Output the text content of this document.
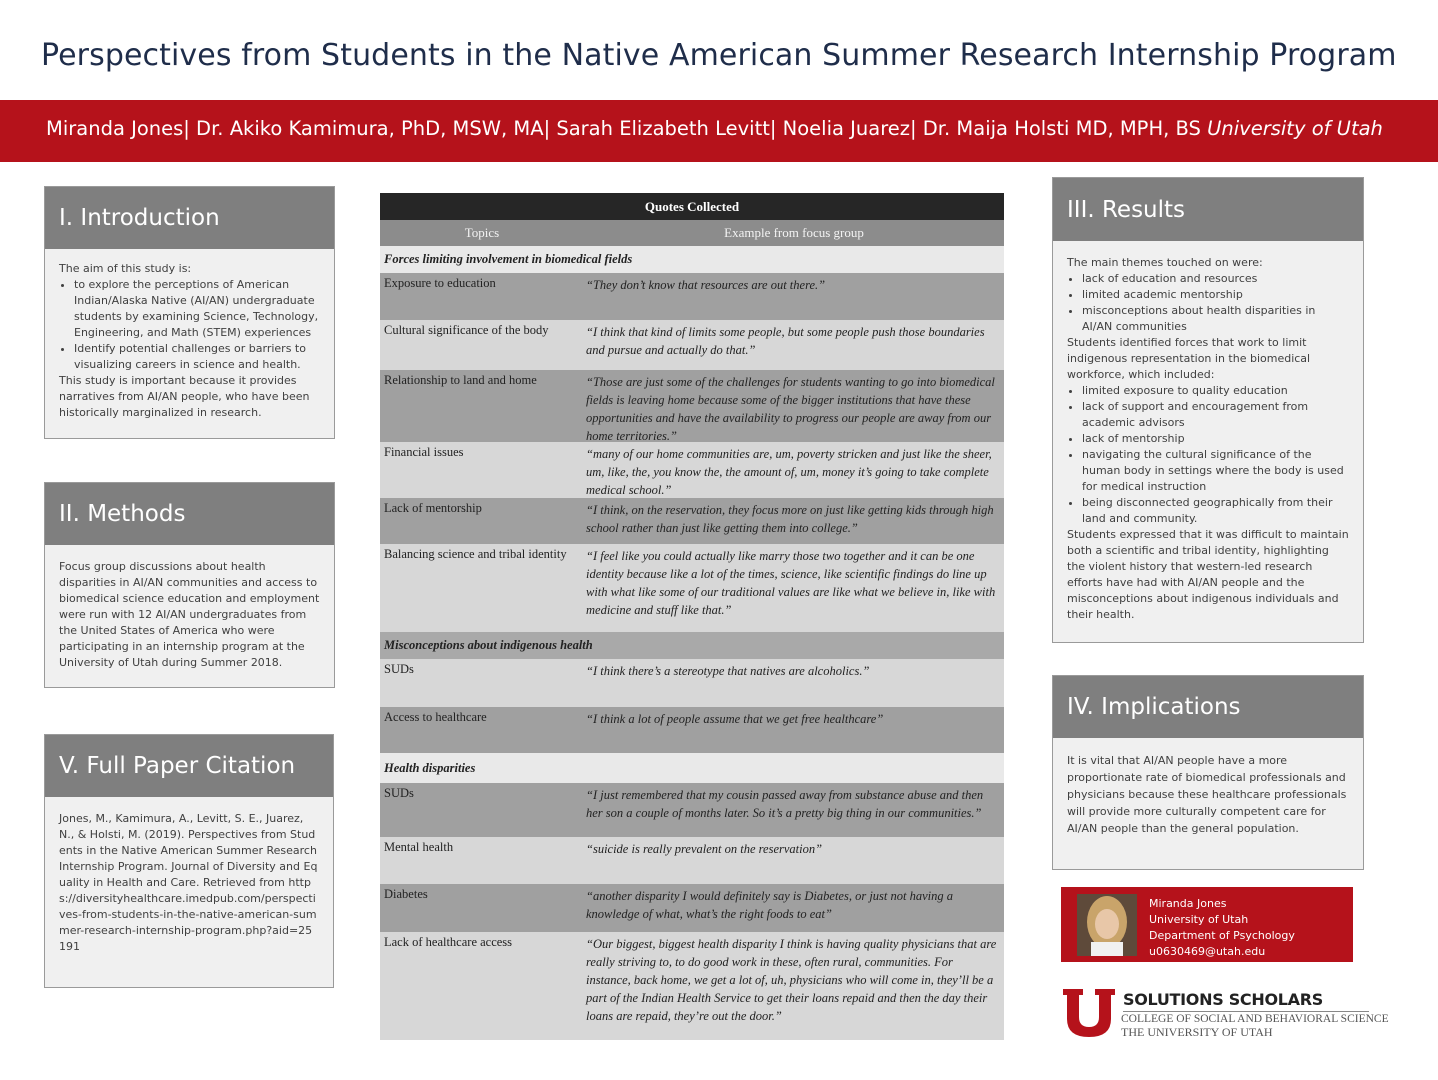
Perspectives from Students in the Native American Summer Research Internship Program
Miranda Jones| Dr. Akiko Kamimura, PhD, MSW, MA| Sarah Elizabeth Levitt| Noelia Juarez| Dr. Maija Holsti MD, MPH, BS University of Utah
I. Introduction

The aim of this study is:

• to explore the perceptions of American Indian/Alaska Native (AI/AN) undergraduate students by examining Science, Technology, Engineering, and Math (STEM) experiences
• Identify potential challenges or barriers to visualizing careers in science and health.

This study is important because it provides narratives from AI/AN people, who have been historically marginalized in research.

II. Methods
Focus group discussions about health disparities in AI/AN communities and access to biomedical science education and employment were run with 12 AI/AN undergraduates from the United States of America who were participating in an internship program at the University of Utah during Summer 2018.
V. Full Paper Citation
Jones, M., Kamimura, A., Levitt, S. E., Juarez, N., & Holsti, M. (2019). Perspectives from Students in the Native American Summer Research Internship Program. Journal of Diversity and Equality in Health and Care. Retrieved from https://diversityhealthcare.imedpub.com/perspectives-from-students-in-the-native-american-summer-research-internship-program.php?aid=25191
Quotes Collected
Topics	Example from focus group
Forces limiting involvement in biomedical fields
Exposure to education	“They don’t know that resources are out there.”
Cultural significance of the body	“I think that kind of limits some people, but some people push those boundaries and pursue and actually do that.”
Relationship to land and home	“Those are just some of the challenges for students wanting to go into biomedical fields is leaving home because some of the bigger institutions that have these opportunities and have the availability to progress our people are away from our home territories.”
Financial issues	“many of our home communities are, um, poverty stricken and just like the sheer, um, like, the, you know the, the amount of, um, money it’s going to take complete medical school.”
Lack of mentorship	“I think, on the reservation, they focus more on just like getting kids through high school rather than just like getting them into college.”
Balancing science and tribal identity	“I feel like you could actually like marry those two together and it can be one identity because like a lot of the times, science, like scientific findings do line up with what like some of our traditional values are like what we believe in, like with medicine and stuff like that.”
Misconceptions about indigenous health
SUDs	“I think there’s a stereotype that natives are alcoholics.”
Access to healthcare	“I think a lot of people assume that we get free healthcare”
Health disparities
SUDs	“I just remembered that my cousin passed away from substance abuse and then her son a couple of months later. So it’s a pretty big thing in our communities.”
Mental health	“suicide is really prevalent on the reservation”
Diabetes	“another disparity I would definitely say is Diabetes, or just not having a knowledge of what, what’s the right foods to eat”
Lack of healthcare access	“Our biggest, biggest health disparity I think is having quality physicians that are really striving to, to do good work in these, often rural, communities. For instance, back home, we get a lot of, uh, physicians who will come in, they’ll be a part of the Indian Health Service to get their loans repaid and then the day their loans are repaid, they’re out the door.”
III. Results

The main themes touched on were:

• lack of education and resources
• limited academic mentorship
• misconceptions about health disparities in AI/AN communities

Students identified forces that work to limit indigenous representation in the biomedical workforce, which included:

• limited exposure to quality education
• lack of support and encouragement from academic advisors
• lack of mentorship
• navigating the cultural significance of the human body in settings where the body is used for medical instruction
• being disconnected geographically from their land and community.

Students expressed that it was difficult to maintain both a scientific and tribal identity, highlighting the violent history that western-led research efforts have had with AI/AN people and the misconceptions about indigenous individuals and their health.

IV. Implications
It is vital that AI/AN people have a more proportionate rate of biomedical professionals and physicians because these healthcare professionals will provide more culturally competent care for AI/AN people than the general population.
Miranda Jones
University of Utah
Department of Psychology
u0630469@utah.edu
SOLUTIONS SCHOLARS
COLLEGE OF SOCIAL AND BEHAVIORAL SCIENCE
THE UNIVERSITY OF UTAH
